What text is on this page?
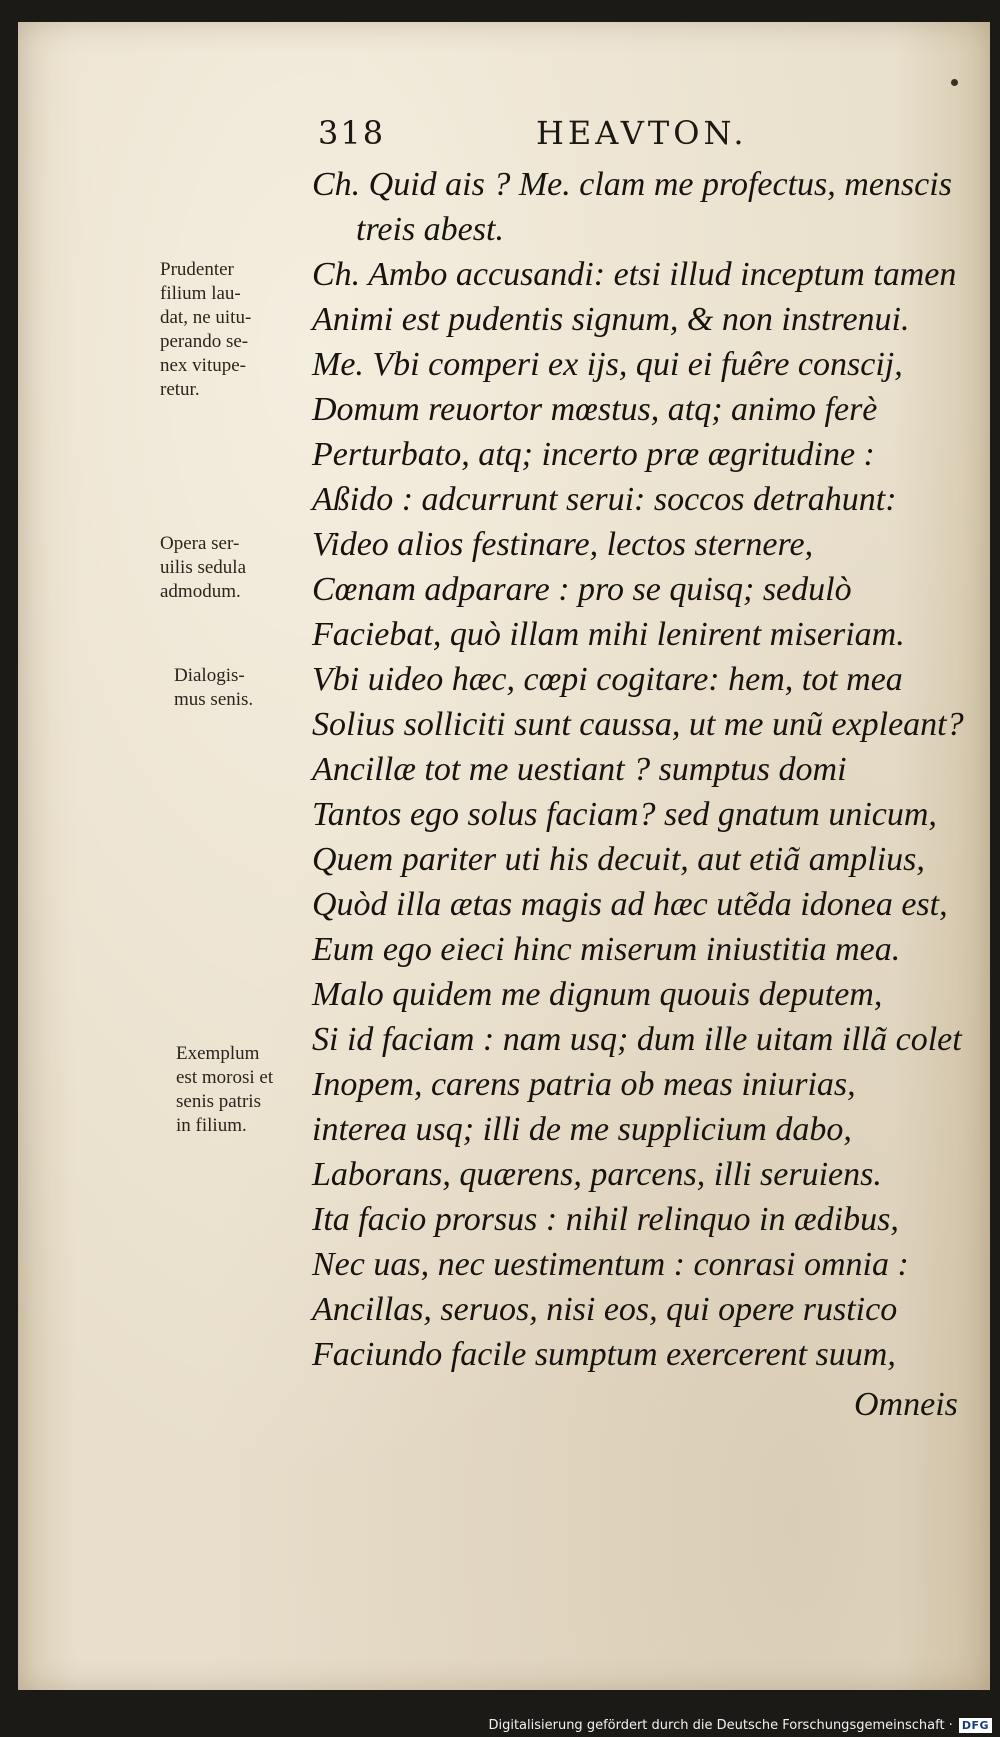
318	HEAVTON.
Ch. Quid ais ? Me. clam me profectus, menscis
treis abest.
Ch. Ambo accusandi: etsi illud inceptum tamen
Animi est pudentis signum, & non instrenui.
Me. Vbi comperi ex ijs, qui ei fuêre conscij,
Domum reuortor mœstus, atq; animo ferè
Perturbato, atq; incerto præ ægritudine :
Aßido : adcurrunt serui: soccos detrahunt:
Video alios festinare, lectos sternere,
Cœnam adparare : pro se quisq; sedulò
Faciebat, quò illam mihi lenirent miseriam.
Vbi uideo hæc, cœpi cogitare: hem, tot mea
Solius solliciti sunt caussa, ut me unũ expleant?
Ancillæ tot me uestiant ? sumptus domi
Tantos ego solus faciam? sed gnatum unicum,
Quem pariter uti his decuit, aut etiã amplius,
Quòd illa ætas magis ad hæc utẽda idonea est,
Eum ego eieci hinc miserum iniustitia mea.
Malo quidem me dignum quouis deputem,
Si id faciam : nam usq; dum ille uitam illã colet
Inopem, carens patria ob meas iniurias,
interea usq; illi de me supplicium dabo,
Laborans, quærens, parcens, illi seruiens.
Ita facio prorsus : nihil relinquo in ædibus,
Nec uas, nec uestimentum : conrasi omnia :
Ancillas, seruos, nisi eos, qui opere rustico
Faciundo facile sumptum exercerent suum,
Omneis
Prudenter
filium lau-
dat, ne uitu-
perando se-
nex vitupe-
retur.
Opera ser-
uilis sedula
admodum.
Dialogis-
mus senis.
Exemplum
est morosi et
senis patris
in filium.
Digitalisierung gefördert durch die Deutsche Forschungsgemeinschaft · DFG
